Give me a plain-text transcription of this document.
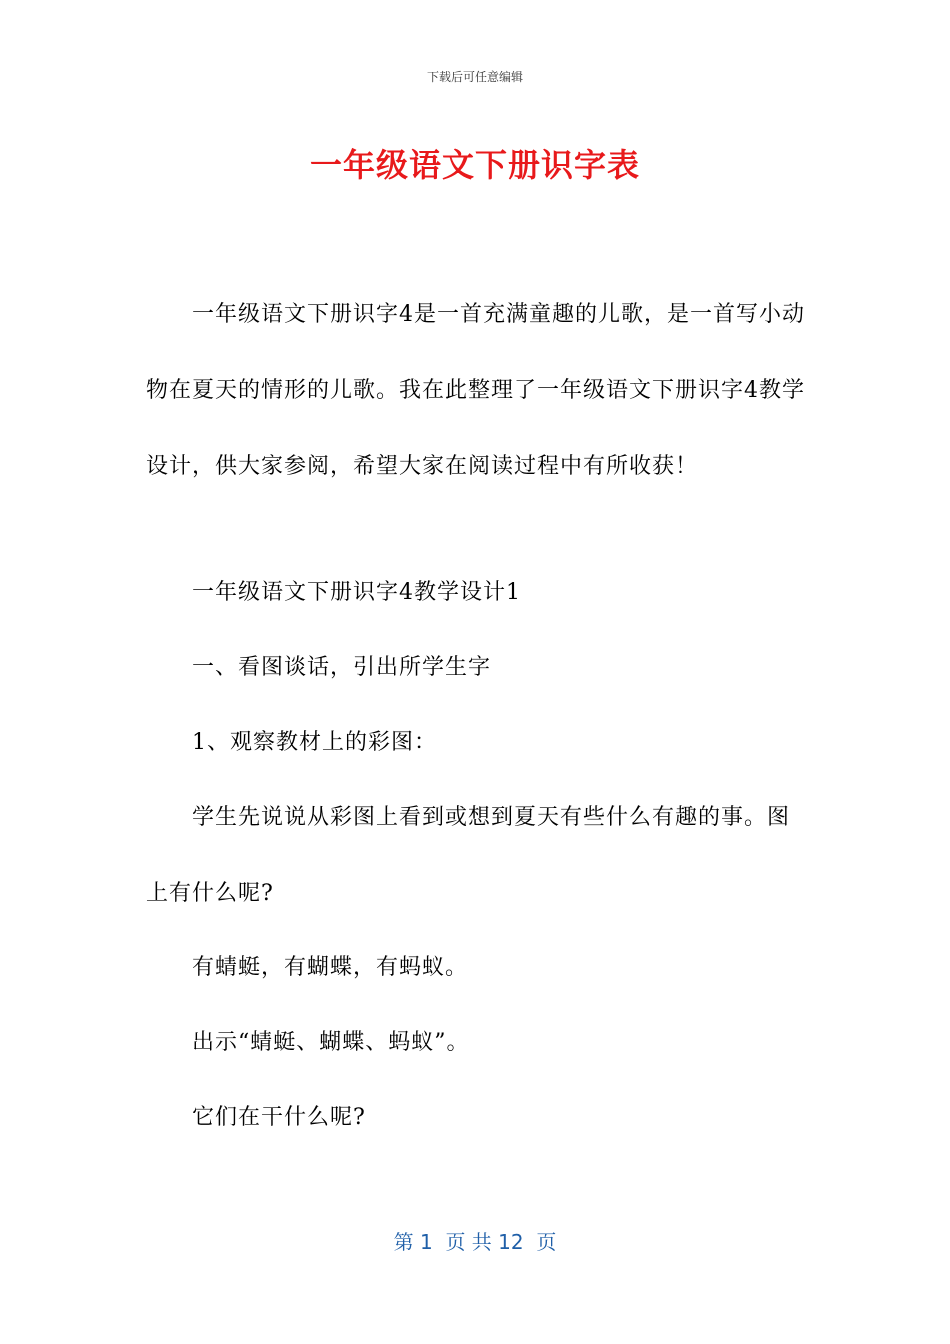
下载后可任意编辑
一年级语文下册识字表

一年级语文下册识字4是一首充满童趣的儿歌，是一首写小动物在夏天的情形的儿歌。我在此整理了一年级语文下册识字4教学设计，供大家参阅，希望大家在阅读过程中有所收获！

一年级语文下册识字4教学设计1

一、看图谈话，引出所学生字

1、观察教材上的彩图：

学生先说说从彩图上看到或想到夏天有些什么有趣的事。图上有什么呢?

有蜻蜓，有蝴蝶，有蚂蚁。

出示“蜻蜓、蝴蝶、蚂蚁”。

它们在干什么呢?

第 1  页 共 12  页
